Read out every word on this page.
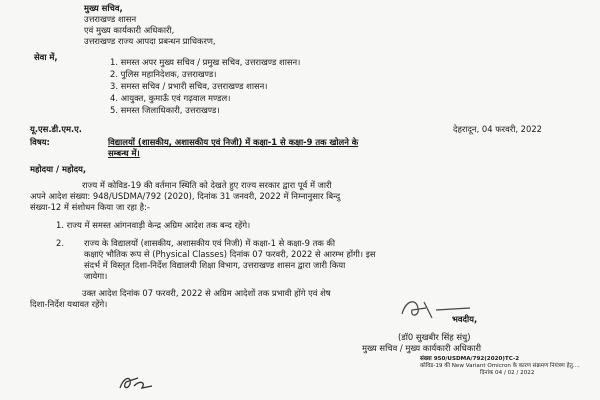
मुख्य सचिव,
उत्तराखण्ड शासन
एवं मुख्य कार्यकारी अधिकारी,
उत्तराखण्ड राज्य आपदा प्रबन्धन प्राधिकरण,
सेवा में,	1. समस्त अपर मुख्य सचिव / प्रमुख सचिव, उत्तराखण्ड शासन।
2. पुलिस महानिदेशक, उत्तराखण्ड।
3. समस्त सचिव / प्रभारी सचिव, उत्तराखण्ड शासन।
4. आयुक्त, कुमाऊँ एवं गढ़वाल मण्डल।
5. समस्त जिलाधिकारी, उत्तराखण्ड।
यू.एस.डी.एम.ए.	देहरादून, 04 फरवरी, 2022
विषय:	विद्यालयों (शासकीय, अशासकीय एवं निजी) में कक्षा-1 से कक्षा-9 तक खोलने के
सम्बन्ध में।
महोदया / महोदय,
राज्य में कोविड-19 की वर्तमान स्थिति को देखते हुए राज्य सरकार द्वारा पूर्व में जारी
अपने आदेश संख्या: 948/USDMA/792 (2020), दिनांक 31 जनवरी, 2022 में निम्नानुसार बिन्दु
संख्या-12 में संशोधन किया जा रहा है:-
1. राज्य में समस्त आंगनवाड़ी केन्द्र अग्रिम आदेश तक बन्द रहेंगे।
2. राज्य के विद्यालयों (शासकीय, अशासकीय एवं निजी) में कक्षा-1 से कक्षा-9 तक की
कक्षाएं भौतिक रूप से (Physical Classes) दिनांक 07 फरवरी, 2022 से आरम्भ होंगी। इस
संदर्भ में विस्तृत दिशा-निर्देश विद्यालयी शिक्षा विभाग, उत्तराखण्ड शासन द्वारा जारी किया
जायेगा।
उक्त आदेश दिनांक 07 फरवरी, 2022 से अग्रिम आदेशों तक प्रभावी होंगे एवं शेष
दिशा-निर्देश यथावत रहेंगे।
भवदीय,
(डॉ0 सुखबीर सिंह संधु)
मुख्य सचिव / मुख्य कार्यकारी अधिकारी
संख्या 950/USDMA/792(2020)TC-2
कोविड-19 की New Variant Omicron के कारण संक्रमण नियंत्रण हेतु....
दिनांक 04 / 02 / 2022
